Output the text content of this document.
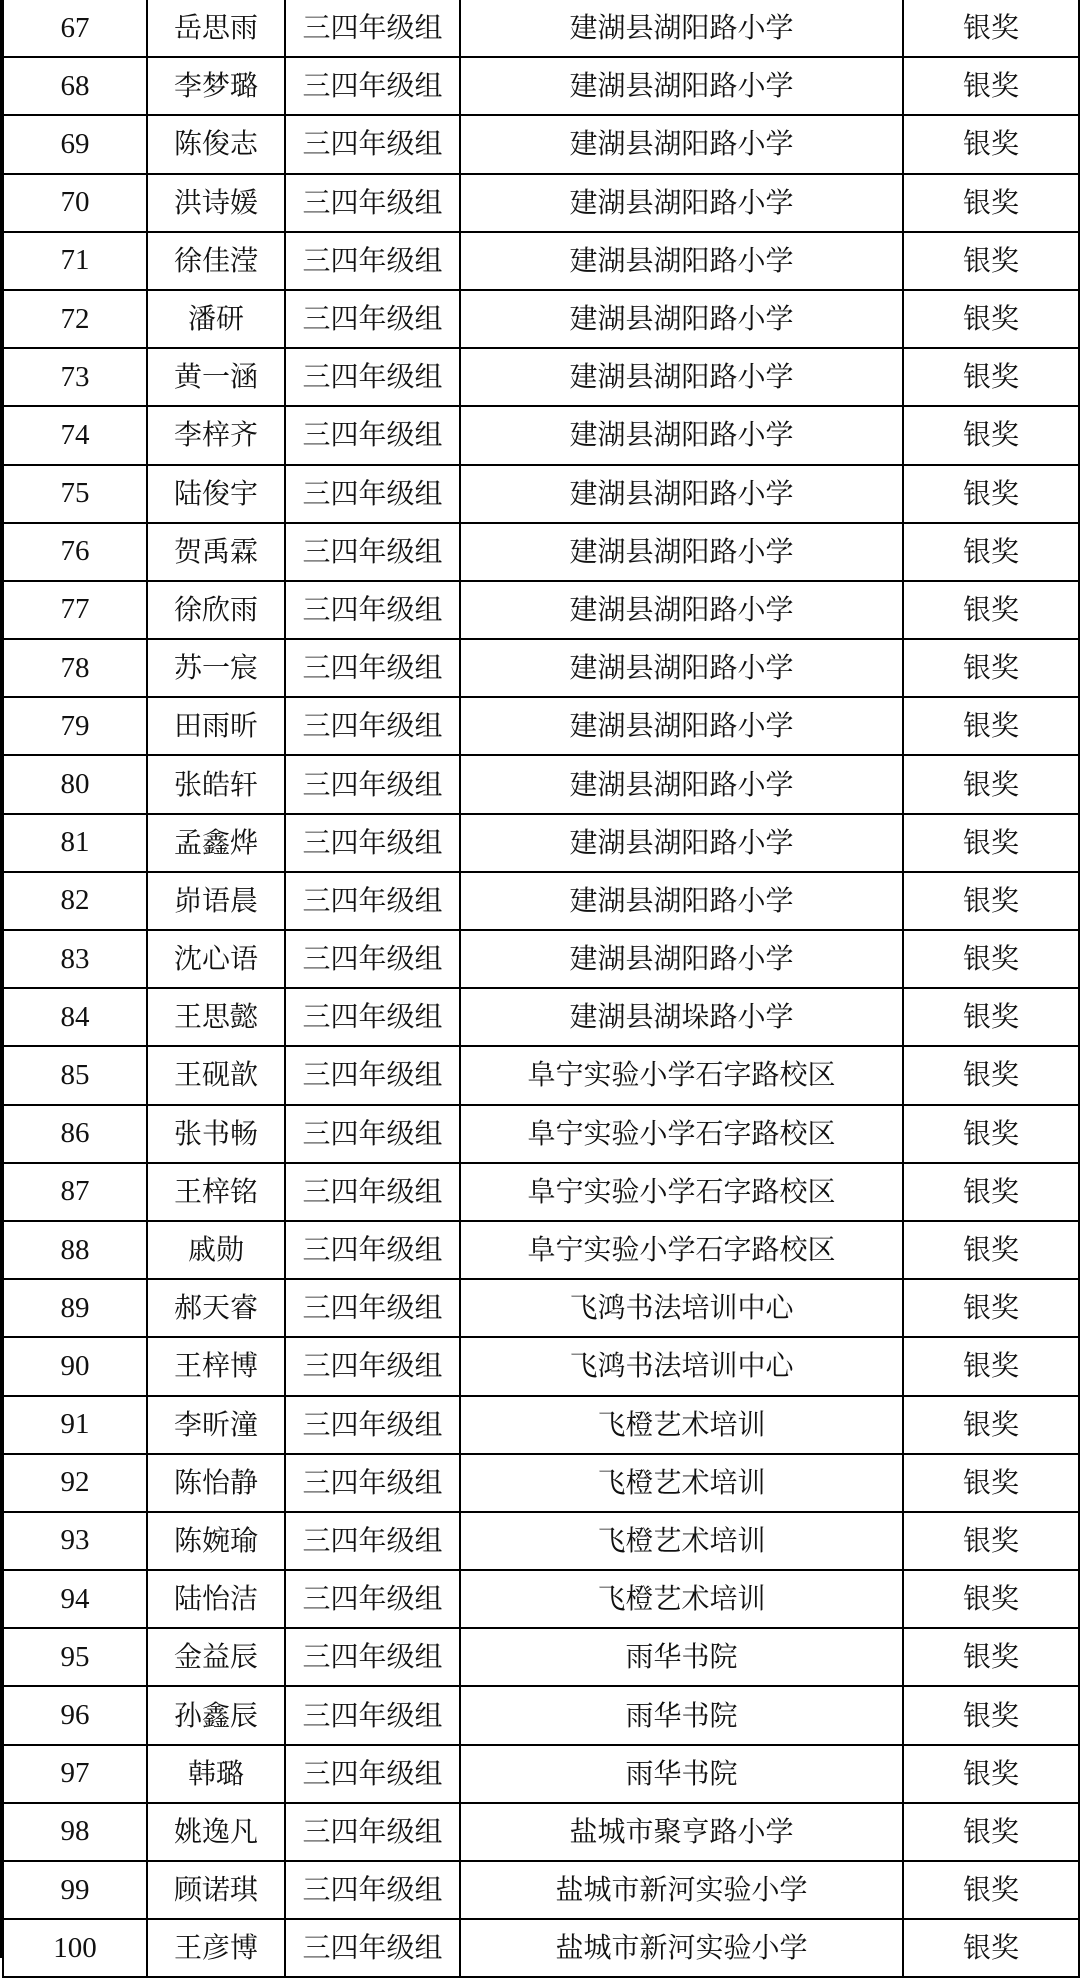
67	岳思雨	三四年级组	建湖县湖阳路小学	银奖
68	李梦璐	三四年级组	建湖县湖阳路小学	银奖
69	陈俊志	三四年级组	建湖县湖阳路小学	银奖
70	洪诗媛	三四年级组	建湖县湖阳路小学	银奖
71	徐佳滢	三四年级组	建湖县湖阳路小学	银奖
72	潘研	三四年级组	建湖县湖阳路小学	银奖
73	黄一涵	三四年级组	建湖县湖阳路小学	银奖
74	李梓齐	三四年级组	建湖县湖阳路小学	银奖
75	陆俊宇	三四年级组	建湖县湖阳路小学	银奖
76	贺禹霖	三四年级组	建湖县湖阳路小学	银奖
77	徐欣雨	三四年级组	建湖县湖阳路小学	银奖
78	苏一宸	三四年级组	建湖县湖阳路小学	银奖
79	田雨昕	三四年级组	建湖县湖阳路小学	银奖
80	张皓轩	三四年级组	建湖县湖阳路小学	银奖
81	孟鑫烨	三四年级组	建湖县湖阳路小学	银奖
82	峁语晨	三四年级组	建湖县湖阳路小学	银奖
83	沈心语	三四年级组	建湖县湖阳路小学	银奖
84	王思懿	三四年级组	建湖县湖垛路小学	银奖
85	王砚歆	三四年级组	阜宁实验小学石字路校区	银奖
86	张书畅	三四年级组	阜宁实验小学石字路校区	银奖
87	王梓铭	三四年级组	阜宁实验小学石字路校区	银奖
88	戚勋	三四年级组	阜宁实验小学石字路校区	银奖
89	郝天睿	三四年级组	飞鸿书法培训中心	银奖
90	王梓博	三四年级组	飞鸿书法培训中心	银奖
91	李昕潼	三四年级组	飞橙艺术培训	银奖
92	陈怡静	三四年级组	飞橙艺术培训	银奖
93	陈婉瑜	三四年级组	飞橙艺术培训	银奖
94	陆怡洁	三四年级组	飞橙艺术培训	银奖
95	金益辰	三四年级组	雨华书院	银奖
96	孙鑫辰	三四年级组	雨华书院	银奖
97	韩璐	三四年级组	雨华书院	银奖
98	姚逸凡	三四年级组	盐城市聚亨路小学	银奖
99	顾诺琪	三四年级组	盐城市新河实验小学	银奖
100	王彦博	三四年级组	盐城市新河实验小学	银奖
